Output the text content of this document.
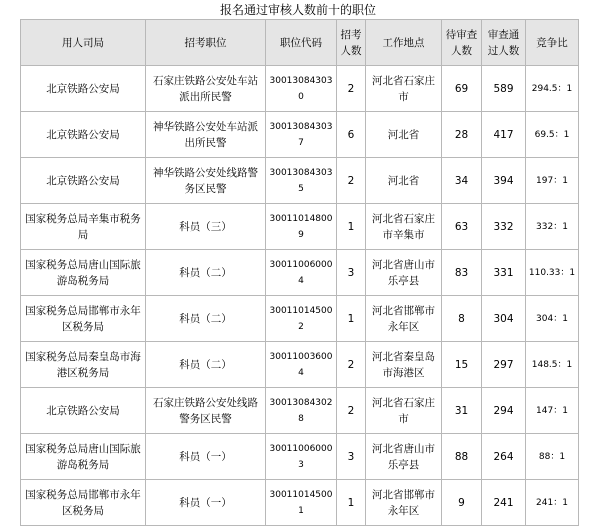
报名通过审核人数前十的职位
用人司局	招考职位	职位代码	招考人数	工作地点	待审查人数	审查通过人数	竞争比
北京铁路公安局	石家庄铁路公安处车站派出所民警	300130843030	2	河北省石家庄市	69	589	294.5：1
北京铁路公安局	神华铁路公安处车站派出所民警	300130843037	6	河北省	28	417	69.5：1
北京铁路公安局	神华铁路公安处线路警务区民警	300130843035	2	河北省	34	394	197：1
国家税务总局辛集市税务局	科员（三）	300110148009	1	河北省石家庄市辛集市	63	332	332：1
国家税务总局唐山国际旅游岛税务局	科员（二）	300110060004	3	河北省唐山市乐亭县	83	331	110.33：1
国家税务总局邯郸市永年区税务局	科员（二）	300110145002	1	河北省邯郸市永年区	8	304	304：1
国家税务总局秦皇岛市海港区税务局	科员（二）	300110036004	2	河北省秦皇岛市海港区	15	297	148.5：1
北京铁路公安局	石家庄铁路公安处线路警务区民警	300130843028	2	河北省石家庄市	31	294	147：1
国家税务总局唐山国际旅游岛税务局	科员（一）	300110060003	3	河北省唐山市乐亭县	88	264	88：1
国家税务总局邯郸市永年区税务局	科员（一）	300110145001	1	河北省邯郸市永年区	9	241	241：1
